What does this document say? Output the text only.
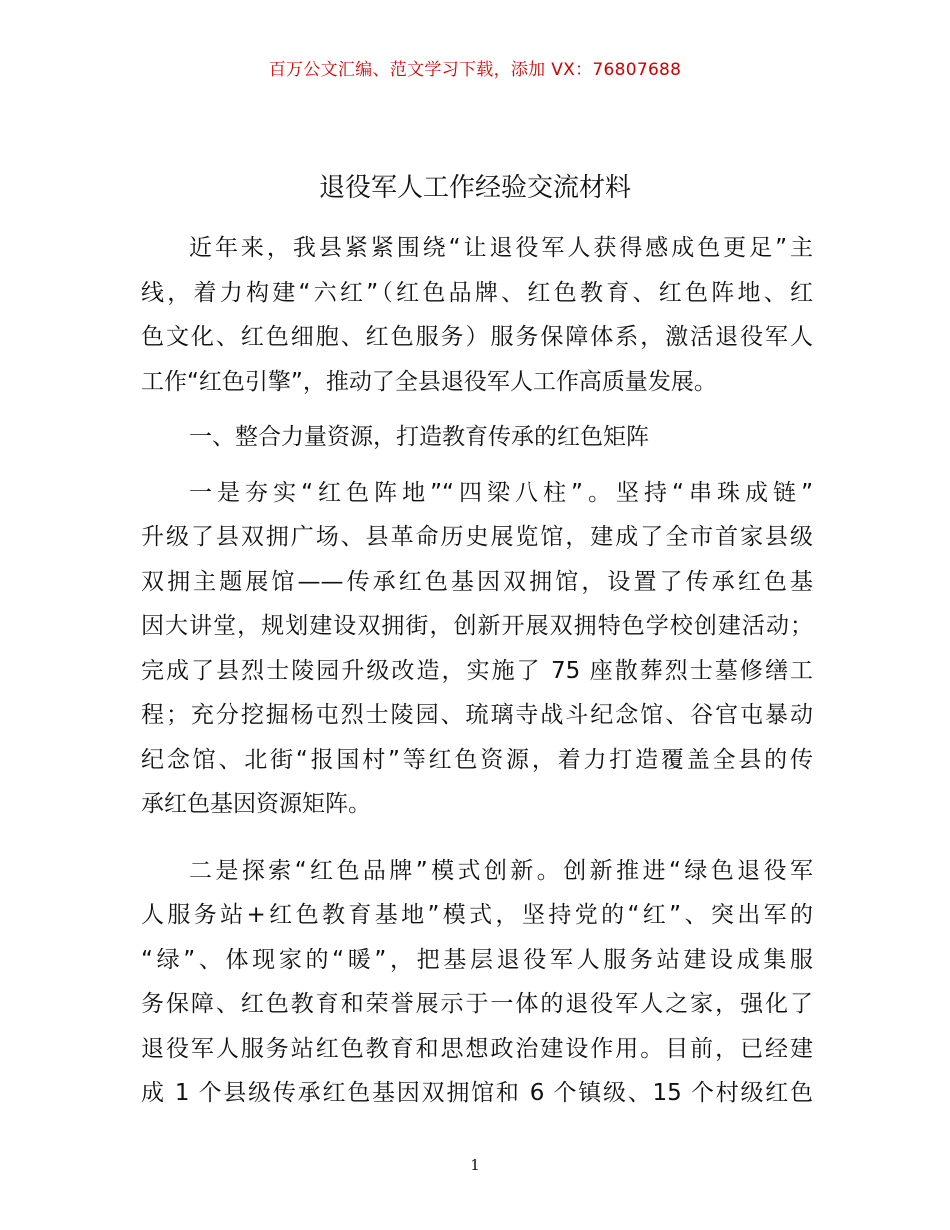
百万公文汇编、范文学习下载，添加 VX：76807688
退役军人工作经验交流材料
近年来，我县紧紧围绕“让退役军人获得感成色更足”主
线，着力构建“六红”（红色品牌、红色教育、红色阵地、红
色文化、红色细胞、红色服务）服务保障体系，激活退役军人
工作“红色引擎”，推动了全县退役军人工作高质量发展。
一、整合力量资源，打造教育传承的红色矩阵
一是夯实“红色阵地”“四梁八柱”。坚持“串珠成链”
升级了县双拥广场、县革命历史展览馆，建成了全市首家县级
双拥主题展馆——传承红色基因双拥馆，设置了传承红色基
因大讲堂，规划建设双拥街，创新开展双拥特色学校创建活动；
完成了县烈士陵园升级改造，实施了 75 座散葬烈士墓修缮工
程；充分挖掘杨屯烈士陵园、琉璃寺战斗纪念馆、谷官屯暴动
纪念馆、北街“报国村”等红色资源，着力打造覆盖全县的传
承红色基因资源矩阵。
二是探索“红色品牌”模式创新。创新推进“绿色退役军
人服务站+红色教育基地”模式，坚持党的“红”、突出军的
“绿”、体现家的“暖”，把基层退役军人服务站建设成集服
务保障、红色教育和荣誉展示于一体的退役军人之家，强化了
退役军人服务站红色教育和思想政治建设作用。目前，已经建
成 1 个县级传承红色基因双拥馆和 6 个镇级、15 个村级红色
1
